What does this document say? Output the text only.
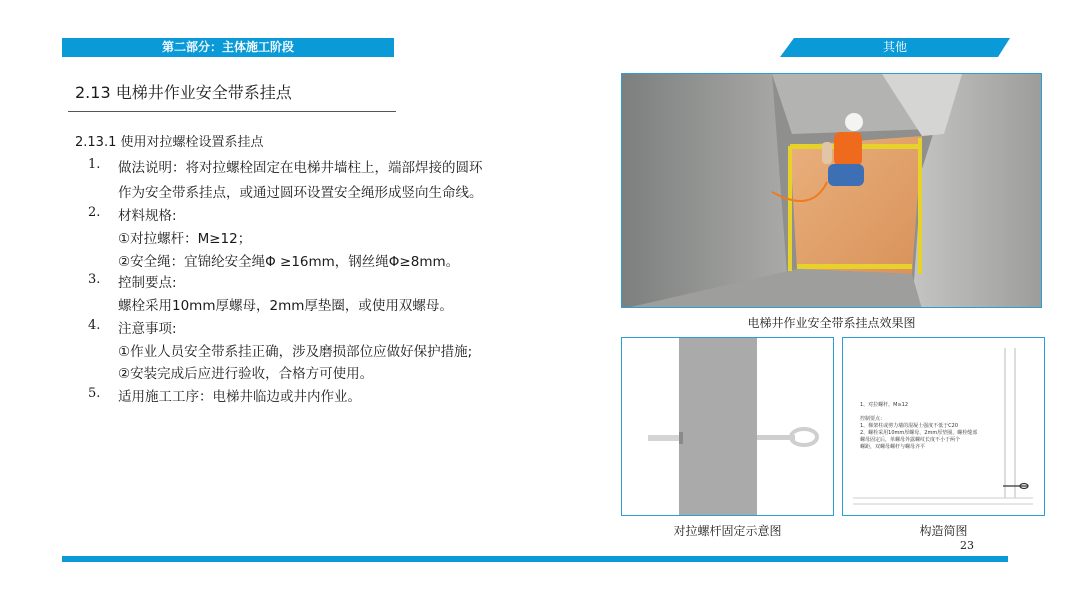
第二部分：主体施工阶段	其他
2.13 电梯井作业安全带系挂点
2.13.1 使用对拉螺栓设置系挂点
1. 做法说明：将对拉螺栓固定在电梯井墙柱上，端部焊接的圆环
作为安全带系挂点，或通过圆环设置安全绳形成竖向生命线。
2. 材料规格:
①对拉螺杆：M≥12；
②安全绳：宜锦纶安全绳Φ ≥16mm，钢丝绳Φ≥8mm。
3. 控制要点:
螺栓采用10mm厚螺母，2mm厚垫圈，或使用双螺母。
4. 注意事项:
①作业人员安全带系挂正确，涉及磨损部位应做好保护措施;
②安装完成后应进行验收，合格方可使用。
5. 适用施工工序：电梯井临边或井内作业。
电梯井作业安全带系挂点效果图
对拉螺杆固定示意图
1、对拉螺杆，M≥12
控制要点：
1、梯架柱或剪力墙的混凝土强度不低于C20
2、螺栓采用10mm厚螺母，2mm厚垫圈，螺栓缝部
螺母固定后，单螺母外露螺纹长度不小于两个
螺距，双螺母螺杆与螺母齐平
构造简图
23
